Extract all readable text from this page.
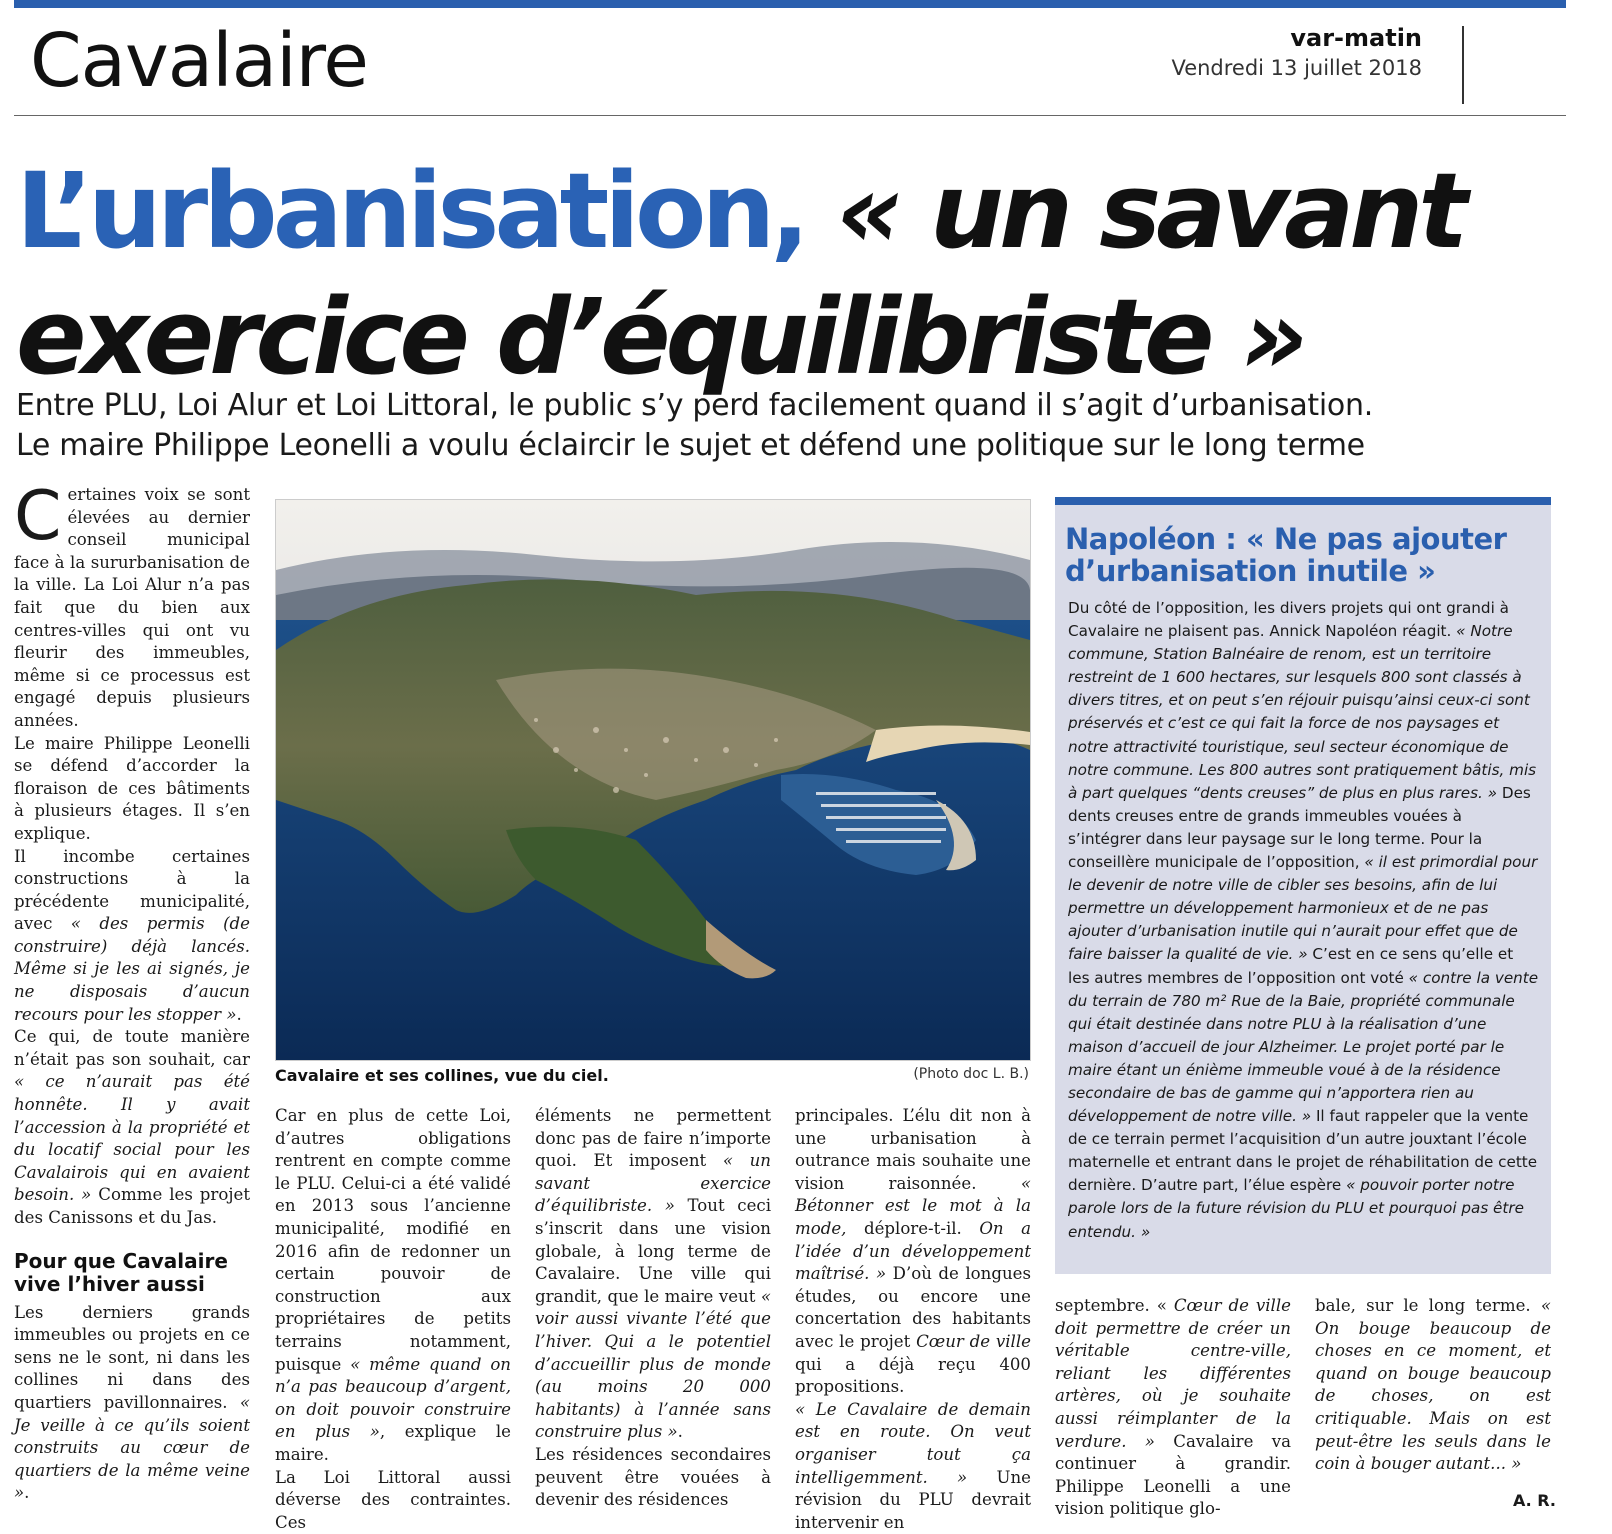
Cavalaire	var-matin
Vendredi 13 juillet 2018
L’urbanisation, « un savant exercice d’équilibriste »
Entre PLU, Loi Alur et Loi Littoral, le public s’y perd facilement quand il s’agit d’urbanisation.
Le maire Philippe Leonelli a voulu éclaircir le sujet et défend une politique sur le long terme

Certaines voix se sont élevées au dernier conseil municipal face à la sururbanisation de la ville. La Loi Alur n’a pas fait que du bien aux centres-villes qui ont vu fleurir des immeubles, même si ce processus est engagé depuis plusieurs années.

Le maire Philippe Leonelli se défend d’accorder la floraison de ces bâtiments à plusieurs étages. Il s’en explique.

Il incombe certaines constructions à la précédente municipalité, avec « des permis (de construire) déjà lancés. Même si je les ai signés, je ne disposais d’aucun recours pour les stopper ».

Ce qui, de toute manière n’était pas son souhait, car « ce n’aurait pas été honnête. Il y avait l’accession à la propriété et du locatif social pour les Cavalairois qui en avaient besoin. » Comme les projet des Canissons et du Jas.

Pour que Cavalaire vive l’hiver aussi

Les derniers grands immeubles ou projets en ce sens ne le sont, ni dans les collines ni dans des quartiers pavillonnaires. « Je veille à ce qu’ils soient construits au cœur de quartiers de la même veine ».

Cavalaire et ses collines, vue du ciel.	(Photo doc L. B.)

Car en plus de cette Loi, d’autres obligations rentrent en compte comme le PLU. Celui-ci a été validé en 2013 sous l’ancienne municipalité, modifié en 2016 afin de redonner un certain pouvoir de construction aux propriétaires de petits terrains notamment, puisque « même quand on n’a pas beaucoup d’argent, on doit pouvoir construire en plus », explique le maire.

La Loi Littoral aussi déverse des contraintes. Ces

éléments ne permettent donc pas de faire n’importe quoi. Et imposent « un savant exercice d’équilibriste. » Tout ceci s’inscrit dans une vision globale, à long terme de Cavalaire. Une ville qui grandit, que le maire veut « voir aussi vivante l’été que l’hiver. Qui a le potentiel d’accueillir plus de monde (au moins 20 000 habitants) à l’année sans construire plus ».

Les résidences secondaires peuvent être vouées à devenir des résidences

principales. L’élu dit non à une urbanisation à outrance mais souhaite une vision raisonnée. « Bétonner est le mot à la mode, déplore-t-il. On a l’idée d’un développement maîtrisé. » D’où de longues études, ou encore une concertation des habitants avec le projet Cœur de ville qui a déjà reçu 400 propositions.

« Le Cavalaire de demain est en route. On veut organiser tout ça intelligemment. » Une révision du PLU devrait intervenir en

Napoléon : « Ne pas ajouter d’urbanisation inutile »
Du côté de l’opposition, les divers projets qui ont grandi à Cavalaire ne plaisent pas. Annick Napoléon réagit. « Notre commune, Station Balnéaire de renom, est un territoire restreint de 1 600 hectares, sur lesquels 800 sont classés à divers titres, et on peut s’en réjouir puisqu’ainsi ceux-ci sont préservés et c’est ce qui fait la force de nos paysages et notre attractivité touristique, seul secteur économique de notre commune. Les 800 autres sont pratiquement bâtis, mis à part quelques “dents creuses” de plus en plus rares. » Des dents creuses entre de grands immeubles vouées à s’intégrer dans leur paysage sur le long terme. Pour la conseillère municipale de l’opposition, « il est primordial pour le devenir de notre ville de cibler ses besoins, afin de lui permettre un développement harmonieux et de ne pas ajouter d’urbanisation inutile qui n’aurait pour effet que de faire baisser la qualité de vie. » C’est en ce sens qu’elle et les autres membres de l’opposition ont voté « contre la vente du terrain de 780 m² Rue de la Baie, propriété communale qui était destinée dans notre PLU à la réalisation d’une maison d’accueil de jour Alzheimer. Le projet porté par le maire étant un énième immeuble voué à de la résidence secondaire de bas de gamme qui n’apportera rien au développement de notre ville. » Il faut rappeler que la vente de ce terrain permet l’acquisition d’un autre jouxtant l’école maternelle et entrant dans le projet de réhabilitation de cette dernière. D’autre part, l’élue espère « pouvoir porter notre parole lors de la future révision du PLU et pourquoi pas être entendu. »

septembre. « Cœur de ville doit permettre de créer un véritable centre-ville, reliant les différentes artères, où je souhaite aussi réimplanter de la verdure. » Cavalaire va continuer à grandir. Philippe Leonelli a une vision politique glo-

bale, sur le long terme. « On bouge beaucoup de choses en ce moment, et quand on bouge beaucoup de choses, on est critiquable. Mais on est peut-être les seuls dans le coin à bouger autant... »

A. R.
